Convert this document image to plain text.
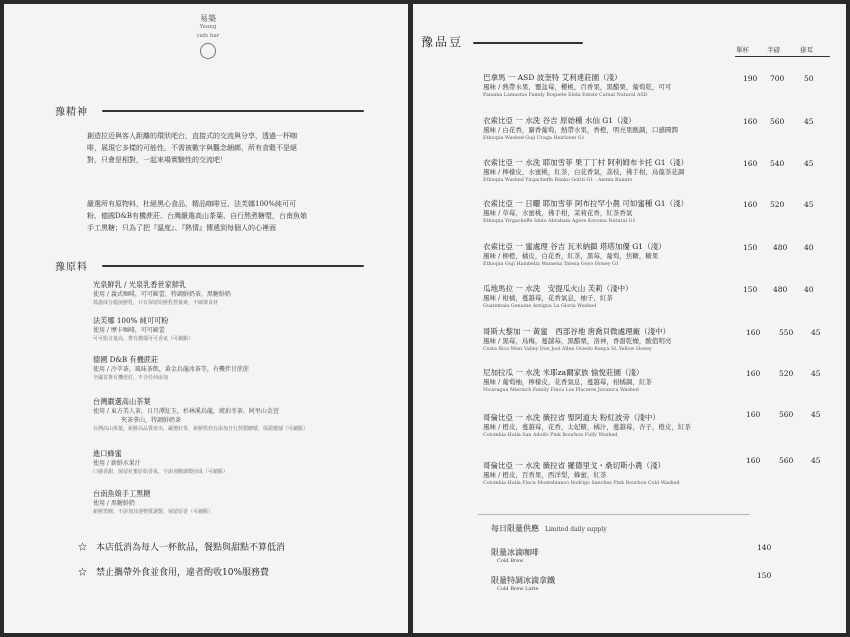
易築
Yeang
cafe bar
豫精神
創造拉近與客人距離的環狀吧台，直接式的交流與分享，透過一杯咖啡，展現它多樣的可能性，不需被數字與觀念綑綁，所有食穀不是絕對，只會是相對，一起來場實驗性的交流吧！
嚴選所有原物料，杜絕黑心食品，精品咖啡豆、法芙娜100%純可可粉、德國D&B有機蔗莊、台灣嚴選高山茶葉、自行熬煮糖漿，台南魚娘手工黑糖；只為了把『溫度』、『熱情』傳遞到每個人的心裡面
豫原料
光泉鮮乳 / 光泉乳香世家鮮乳
使用 / 義式咖啡，可可歐蕾，特調鮮奶茶，黑糖鮮奶
低溫成分殺菌鮮乳，只有保留原鮮乳營養素，不破壞食材
法芙娜 100% 純可可粉
使用 / 摩卡咖啡，可可歐蕾
可可脂含量高，帶有濃郁可可香氣（可續點）
德國 D&B 有機蔗莊
使用 / 冷萃茶，風味茶飲，黃金烏龍冰茶等，有機拌甘蔗蔗
全國首推有機蔗莊，不含任何添加
台灣嚴選高山茶葉
使用 / 東方美人茶，日月潭紅玉，杉林溪烏龍，琥珀冬茶，阿里山金萱
夾茶拿山，特調鮮奶茶
台灣高山茶葉，新鮮高品質產出，嚴選好茶，新鮮烘焙有添加自行熬製糖漿，保證濃郁（可續點）
進口蜂蜜
使用 / 新鮮水果汁
口感香甜，保留花蜜原始香氣，不添加糖調製而成（可續點）
台南魚娘手工黑糖
使用 / 黑糖鮮奶
新鮮黑糖，不添加其他物質調製，保留原香（可續點）
☆　本店低消為每人一杯飲品，餐點與甜點不算低消
☆　禁止攜帶外食並食用，違者酌收10%服務費
豫品豆
單杯	半磅	掛耳
巴拿馬 一 ASD 波奎特 艾利達莊園（淺）
風味 / 熱帶水果，覆盆莓，櫻桃，百香果，黑醋栗，葡萄乾，可可
Panama Lamastus Family Boquete Elida Estate Catuai Natural ASD
190 700	50
衣索比亞 一 水洗 谷吉 原始種 水仙 G1（淺）
風味 / 白花香，麝香葡萄，熱帶水果，香橙，明亮果酸調，口感圓潤
Ethiopia Washed Guji Uraga Heirloom G1
160 560	45
衣索比亞 一 水洗 耶加雪菲 果丁丁村 阿利姆布卡托 G1（淺）
風味 / 檸檬皮，水蜜桃，紅茶，白花香氣，荔枝，佛手柑，烏龍茶花調
Ethiopia Washed Yirgacheffe Banko Gotiti G1 - Alemu Bukato
160 540	45
衣索比亞 一 日曬 耶加雪菲 阿布拉罕小農 可如蜜種 G1（淺）
風味 / 草莓，水蜜桃，佛手柑，茉莉花香，紅茶香氣
Ethiopia Yirgacheffe Idido Abraham Agere Koroma Natural G1
160 520	45
衣索比亞 一 蜜處理 谷吉 瓦米納鎮 塔塔加優 G1（淺）
風味 / 柳橙，橘皮，白花香，紅茶，黑莓，葡萄，焦糖，糖果
Ethiopia Guji Hambella Wamena Tatesa Goyo Honey G1
150 480 40
瓜地馬拉 一 水洗　安提瓜火山 芙莉（淺中）
風味 / 柑橘，蔓越莓，花香氣息，柚子，紅茶
Guatemala Genuine Antigua La Gloria Washed
150 480 40
哥斯大黎加 一 黃蜜　西部谷地 唐喬貝微處理廠（淺中）
風味 / 黑莓，烏梅，蔓越莓，黑醋栗，洛神，香甜乾燥，酸值明亮
Costa Rica West Valley Don Joel Allen Oviedo Kenya SL Yellow Honey
160 550 45
尼加拉瓜 一 水洗 米耶za爾家族 愉悅莊園（淺）
風味 / 葡萄柚，檸檬皮，花香氣息，蔓越莓，柑橘調，紅茶
Nicaragua Mierisch Family Finca Los Placeres Javanica Washed
160 520 45
哥倫比亞 一 水洗 薇拉省 聖阿道夫 粉紅波旁（淺中）
風味 / 橙皮，蔓越莓，花香，太妃糖，橘汁，蔓越莓，杏子，橙皮，紅茶
Colombia Huila San Adolfo Pink Bourbon Fully Washed
160 560 45
哥倫比亞 一 水洗 薇拉省 羅德里戈・桑切斯小農（淺）
風味 / 橙皮，百香果，西洋梨，蜂蜜，紅茶
Colombia Huila Finca Montebianco Rodrigo Sanchez Pink Bourbon Cold Washed
160 560 45
每日限量供應 Limited daily supply
限量冰滴咖啡
Cold Brew
140
限量特調冰滴拿鐵
Cold Brew Latte
150
